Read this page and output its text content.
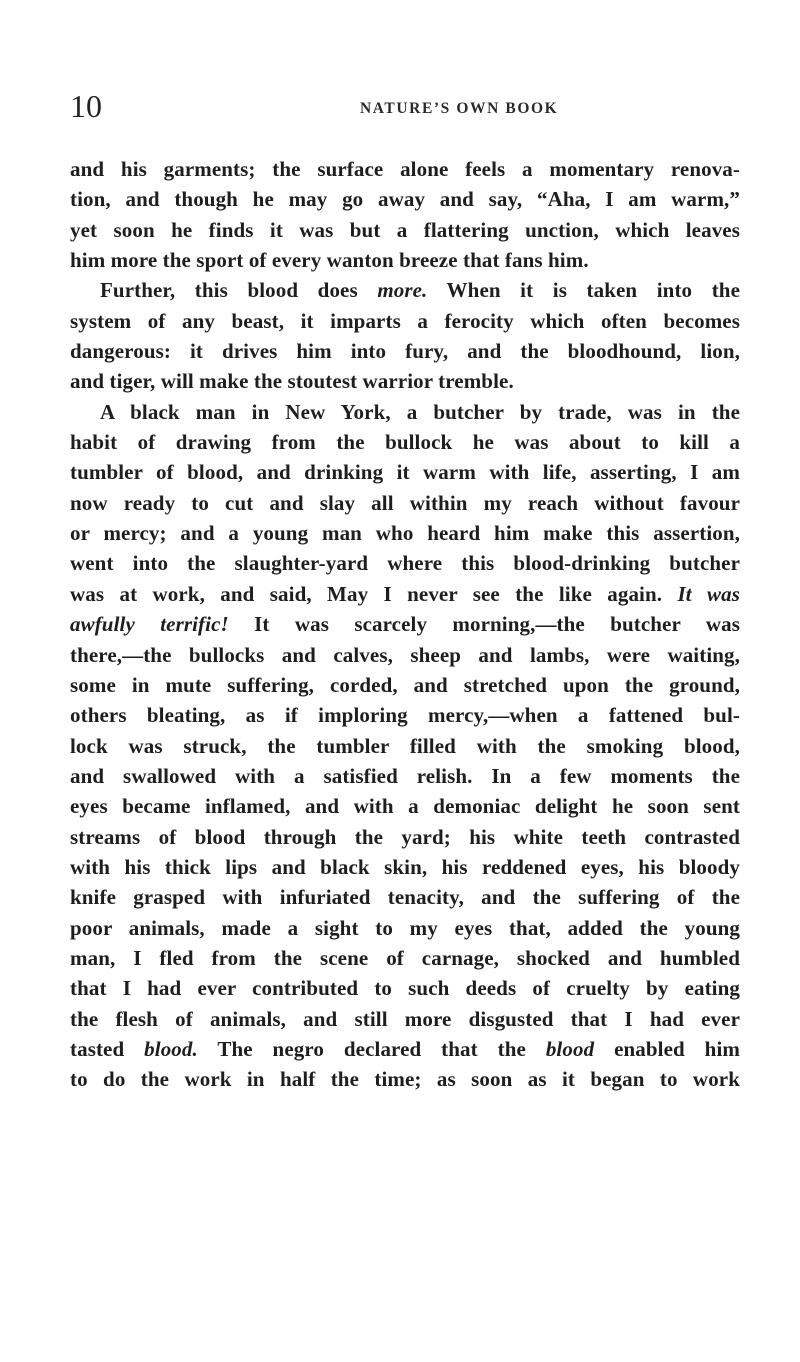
10	NATURE’S OWN BOOK
and his garments; the surface alone feels a momentary renova-
tion, and though he may go away and say, “Aha, I am warm,”
yet soon he finds it was but a flattering unction, which leaves
him more the sport of every wanton breeze that fans him.
Further, this blood does more. When it is taken into the
system of any beast, it imparts a ferocity which often becomes
dangerous: it drives him into fury, and the bloodhound, lion,
and tiger, will make the stoutest warrior tremble.
A black man in New York, a butcher by trade, was in the
habit of drawing from the bullock he was about to kill a
tumbler of blood, and drinking it warm with life, asserting, I am
now ready to cut and slay all within my reach without favour
or mercy; and a young man who heard him make this assertion,
went into the slaughter-yard where this blood-drinking butcher
was at work, and said, May I never see the like again. It was
awfully terrific! It was scarcely morning,—the butcher was
there,—the bullocks and calves, sheep and lambs, were waiting,
some in mute suffering, corded, and stretched upon the ground,
others bleating, as if imploring mercy,—when a fattened bul-
lock was struck, the tumbler filled with the smoking blood,
and swallowed with a satisfied relish. In a few moments the
eyes became inflamed, and with a demoniac delight he soon sent
streams of blood through the yard; his white teeth contrasted
with his thick lips and black skin, his reddened eyes, his bloody
knife grasped with infuriated tenacity, and the suffering of the
poor animals, made a sight to my eyes that, added the young
man, I fled from the scene of carnage, shocked and humbled
that I had ever contributed to such deeds of cruelty by eating
the flesh of animals, and still more disgusted that I had ever
tasted blood. The negro declared that the blood enabled him
to do the work in half the time; as soon as it began to work
